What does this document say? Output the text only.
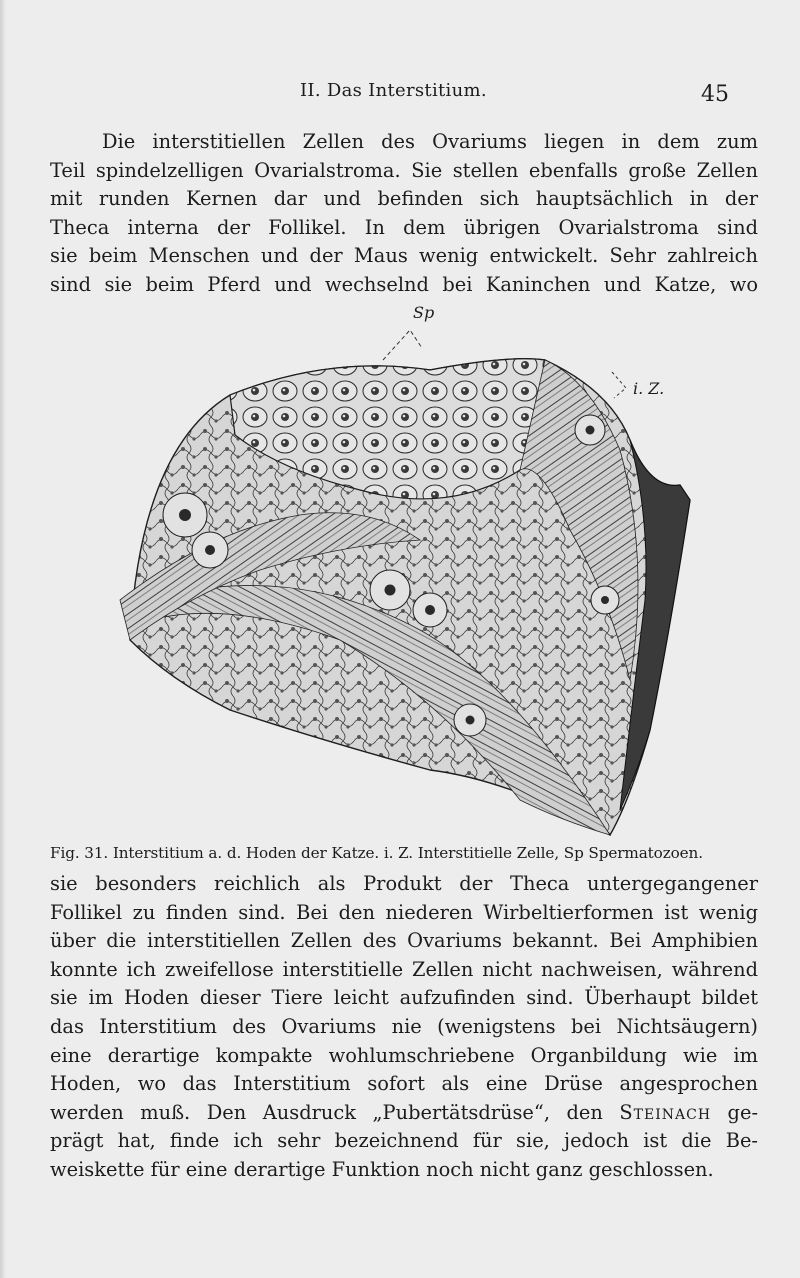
II. Das Interstitium.	45

Die interstitiellen Zellen des Ovariums liegen in dem zum
Teil spindelzelligen Ovarialstroma. Sie stellen ebenfalls große Zellen
mit runden Kernen dar und befinden sich hauptsächlich in der
Theca interna der Follikel. In dem übrigen Ovarialstroma sind
sie beim Menschen und der Maus wenig entwickelt. Sehr zahlreich
sind sie beim Pferd und wechselnd bei Kaninchen und Katze, wo

Sp
i. Z.
Fig. 31. Interstitium a. d. Hoden der Katze. i. Z. Interstitielle Zelle, Sp Spermatozoen.

sie besonders reichlich als Produkt der Theca untergegangener
Follikel zu finden sind. Bei den niederen Wirbeltierformen ist wenig
über die interstitiellen Zellen des Ovariums bekannt. Bei Amphibien
konnte ich zweifellose interstitielle Zellen nicht nachweisen, während
sie im Hoden dieser Tiere leicht aufzufinden sind. Überhaupt bildet
das Interstitium des Ovariums nie (wenigstens bei Nichtsäugern)
eine derartige kompakte wohlumschriebene Organbildung wie im
Hoden, wo das Interstitium sofort als eine Drüse angesprochen
werden muß. Den Ausdruck „Pubertätsdrüse“, den Steinach ge-
prägt hat, finde ich sehr bezeichnend für sie, jedoch ist die Be-
weiskette für eine derartige Funktion noch nicht ganz geschlossen.
